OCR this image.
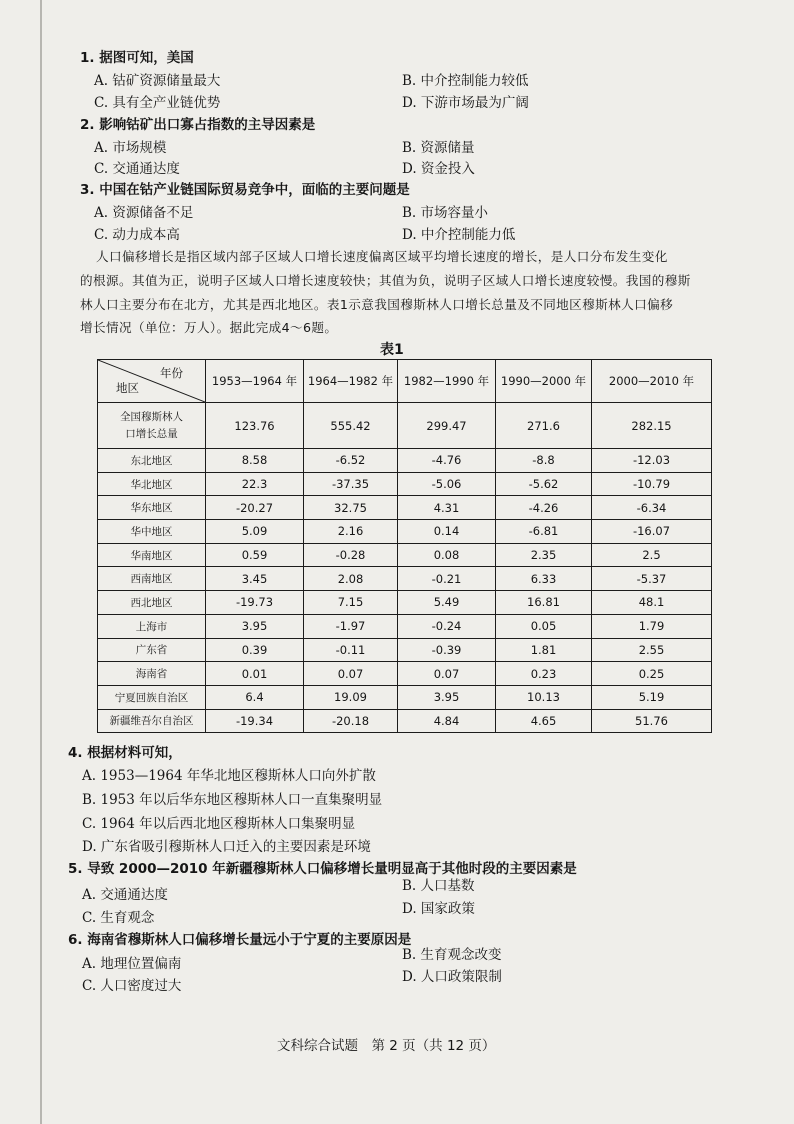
1. 据图可知，美国
A. 钴矿资源储量最大	B. 中介控制能力较低
C. 具有全产业链优势	D. 下游市场最为广阔
2. 影响钴矿出口寡占指数的主导因素是
A. 市场规模	B. 资源储量
C. 交通通达度	D. 资金投入
3. 中国在钴产业链国际贸易竞争中，面临的主要问题是
A. 资源储备不足	B. 市场容量小
C. 动力成本高	D. 中介控制能力低
人口偏移增长是指区域内部子区域人口增长速度偏离区域平均增长速度的增长，是人口分布发生变化
的根源。其值为正，说明子区域人口增长速度较快；其值为负，说明子区域人口增长速度较慢。我国的穆斯
林人口主要分布在北方，尤其是西北地区。表1示意我国穆斯林人口增长总量及不同地区穆斯林人口偏移
增长情况（单位：万人）。据此完成4～6题。
表1
年份
地区	1953—1964 年	1964—1982 年	1982—1990 年	1990—2000 年	2000—2010 年
全国穆斯林人
口增长总量	123.76	555.42	299.47	271.6	282.15
东北地区	8.58	-6.52	-4.76	-8.8	-12.03
华北地区	22.3	-37.35	-5.06	-5.62	-10.79
华东地区	-20.27	32.75	4.31	-4.26	-6.34
华中地区	5.09	2.16	0.14	-6.81	-16.07
华南地区	0.59	-0.28	0.08	2.35	2.5
西南地区	3.45	2.08	-0.21	6.33	-5.37
西北地区	-19.73	7.15	5.49	16.81	48.1
上海市	3.95	-1.97	-0.24	0.05	1.79
广东省	0.39	-0.11	-0.39	1.81	2.55
海南省	0.01	0.07	0.07	0.23	0.25
宁夏回族自治区	6.4	19.09	3.95	10.13	5.19
新疆维吾尔自治区	-19.34	-20.18	4.84	4.65	51.76
4. 根据材料可知，
A. 1953—1964 年华北地区穆斯林人口向外扩散
B. 1953 年以后华东地区穆斯林人口一直集聚明显
C. 1964 年以后西北地区穆斯林人口集聚明显
D. 广东省吸引穆斯林人口迁入的主要因素是环境
5. 导致 2000—2010 年新疆穆斯林人口偏移增长量明显高于其他时段的主要因素是
A. 交通通达度
B. 人口基数
C. 生育观念
D. 国家政策
6. 海南省穆斯林人口偏移增长量远小于宁夏的主要原因是
A. 地理位置偏南
B. 生育观念改变
C. 人口密度过大
D. 人口政策限制
文科综合试题　第 2 页（共 12 页）
